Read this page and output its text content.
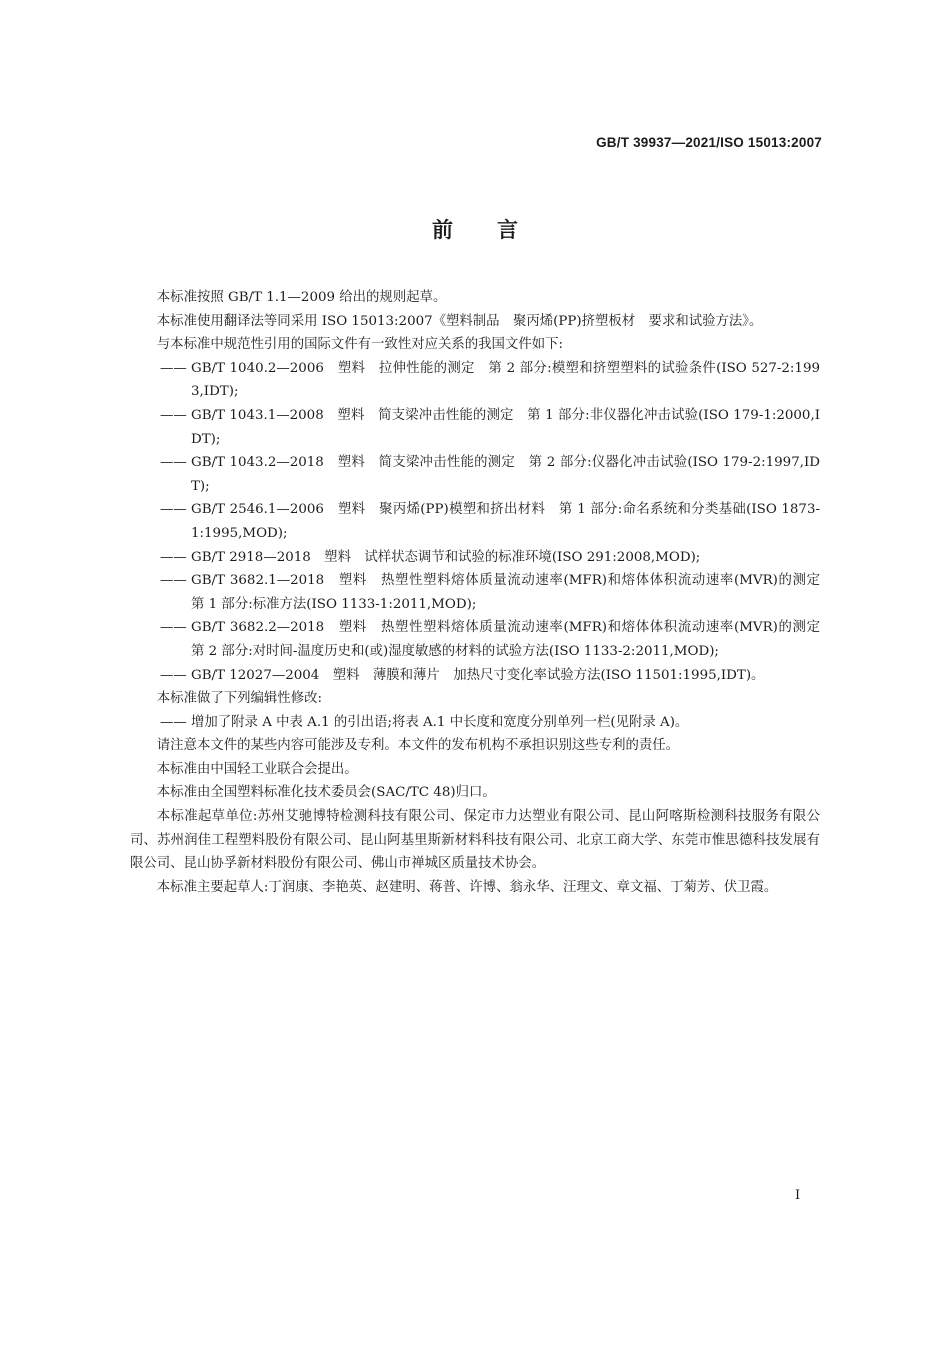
GB/T 39937—2021/ISO 15013:2007
前 言
本标准按照 GB/T 1.1—2009 给出的规则起草。
本标准使用翻译法等同采用 ISO 15013:2007《塑料制品　聚丙烯(PP)挤塑板材　要求和试验方法》。
与本标准中规范性引用的国际文件有一致性对应关系的我国文件如下:
—— GB/T 1040.2—2006　塑料　拉伸性能的测定　第 2 部分:模塑和挤塑塑料的试验条件(ISO 527-2:1993,IDT);
—— GB/T 1043.1—2008　塑料　简支梁冲击性能的测定　第 1 部分:非仪器化冲击试验(ISO 179-1:2000,IDT);
—— GB/T 1043.2—2018　塑料　简支梁冲击性能的测定　第 2 部分:仪器化冲击试验(ISO 179-2:1997,IDT);
—— GB/T 2546.1—2006　塑料　聚丙烯(PP)模塑和挤出材料　第 1 部分:命名系统和分类基础(ISO 1873-1:1995,MOD);
—— GB/T 2918—2018　塑料　试样状态调节和试验的标准环境(ISO 291:2008,MOD);
—— GB/T 3682.1—2018　塑料　热塑性塑料熔体质量流动速率(MFR)和熔体体积流动速率(MVR)的测定　第 1 部分:标准方法(ISO 1133-1:2011,MOD);
—— GB/T 3682.2—2018　塑料　热塑性塑料熔体质量流动速率(MFR)和熔体体积流动速率(MVR)的测定　第 2 部分:对时间-温度历史和(或)湿度敏感的材料的试验方法(ISO 1133-2:2011,MOD);
—— GB/T 12027—2004　塑料　薄膜和薄片　加热尺寸变化率试验方法(ISO 11501:1995,IDT)。
本标准做了下列编辑性修改:
—— 增加了附录 A 中表 A.1 的引出语;将表 A.1 中长度和宽度分别单列一栏(见附录 A)。
请注意本文件的某些内容可能涉及专利。本文件的发布机构不承担识别这些专利的责任。
本标准由中国轻工业联合会提出。
本标准由全国塑料标准化技术委员会(SAC/TC 48)归口。
本标准起草单位:苏州艾驰博特检测科技有限公司、保定市力达塑业有限公司、昆山阿喀斯检测科技服务有限公司、苏州润佳工程塑料股份有限公司、昆山阿基里斯新材料科技有限公司、北京工商大学、东莞市惟思德科技发展有限公司、昆山协孚新材料股份有限公司、佛山市禅城区质量技术协会。
本标准主要起草人:丁润康、李艳英、赵建明、蒋普、许博、翁永华、汪理文、章文福、丁菊芳、伏卫霞。
I
